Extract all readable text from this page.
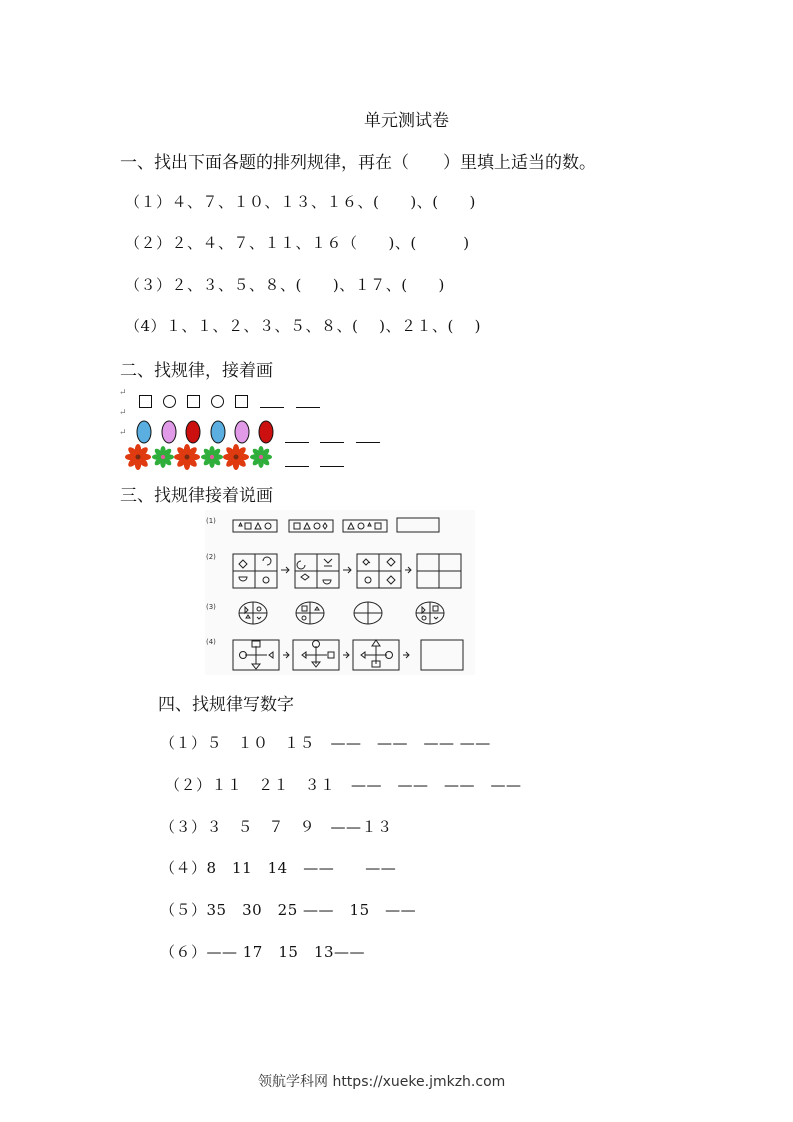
单元测试卷
一、找出下面各题的排列规律，再在（　　）里填上适当的数。
（１）４、７、１０、１３、１６、(　　)、(　　)
（２）２、４、７、１１、１６（　　)、(　　　)
（３）２、３、５、８、(　　)、１７、(　　)
（4）１、１、２、３、５、８、(　 )、２１、(　 )
二、找规律，接着画
↵
↵
↵
三、找规律接着说画
(1)
(2)
(3)
(4)
四、找规律写数字
（１）５　１０　１５　——　——　—— ——
（２）１１　２１　３１　——　——　——　——
（３）３　５　７　９　——１３
（４）8　11　14　——　　——
（５）35　30　25 ——　15　——
（６）—— 17　15　13——
领航学科网 https://xueke.jmkzh.com
